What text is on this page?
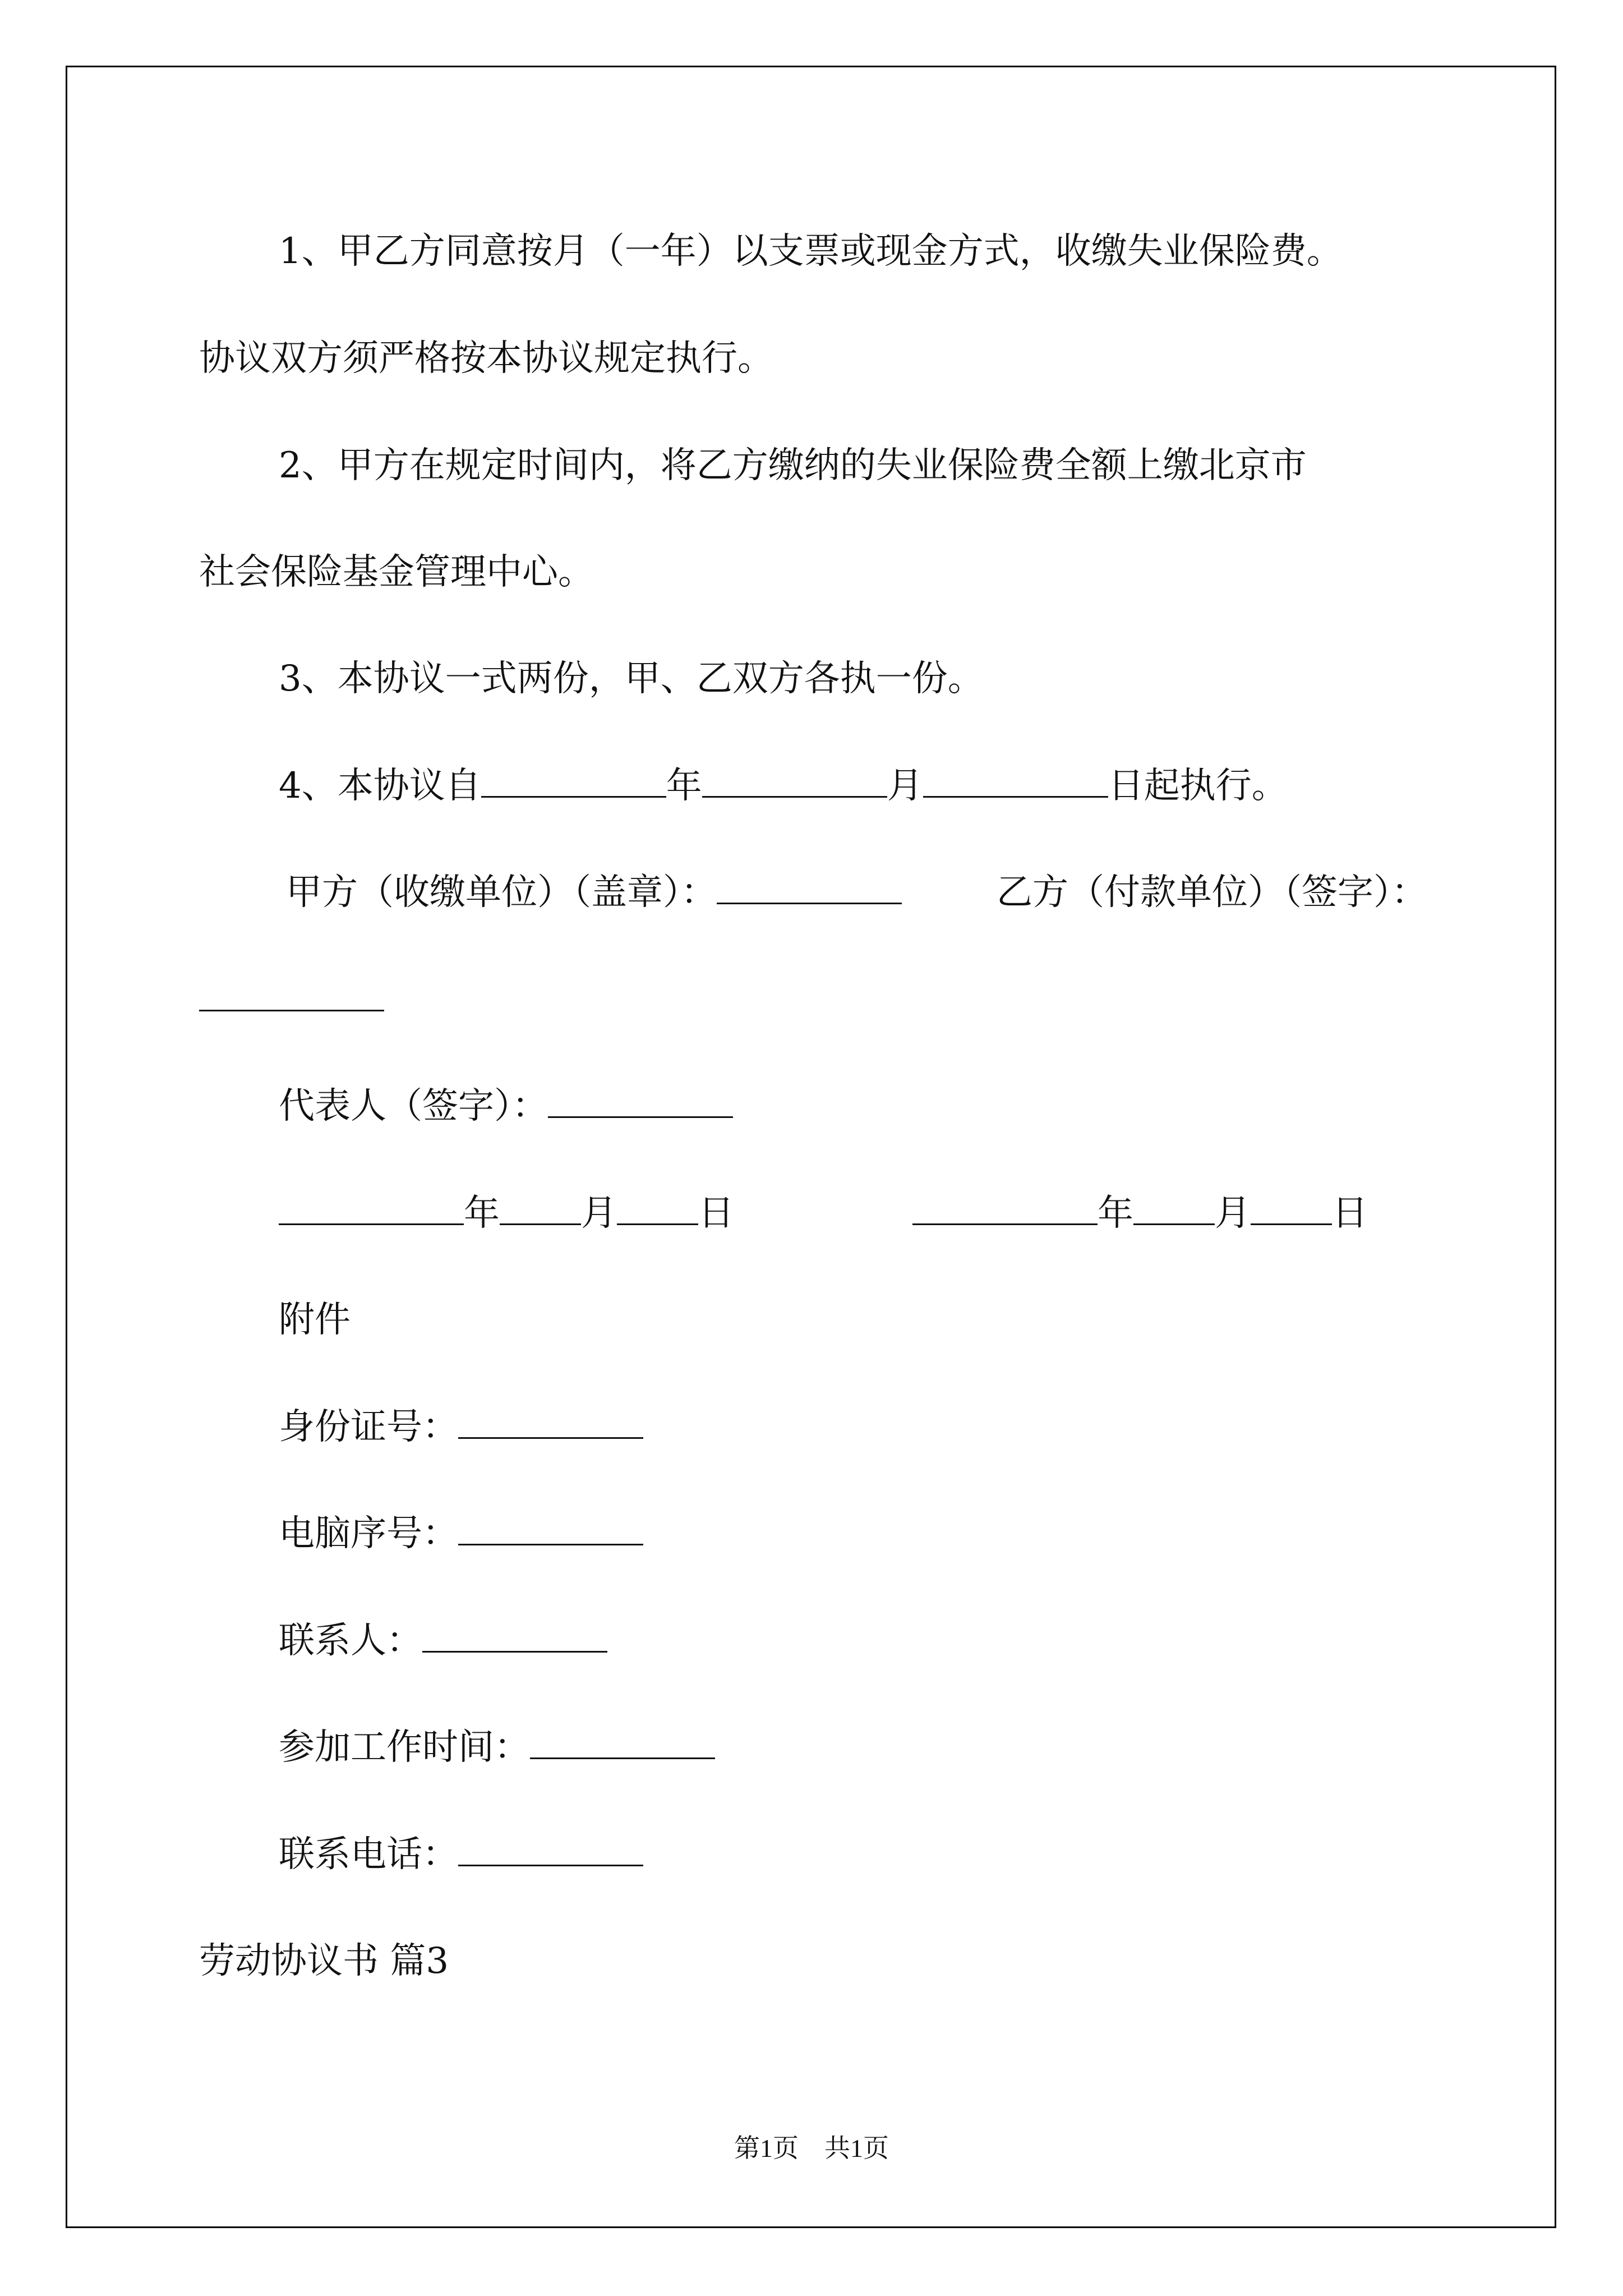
1、甲乙方同意按月（一年）以支票或现金方式，收缴失业保险费。
协议双方须严格按本协议规定执行。
2、甲方在规定时间内，将乙方缴纳的失业保险费全额上缴北京市
社会保险基金管理中心。
3、本协议一式两份，甲、乙双方各执一份。
4、本协议自	年	月	日起执行。
甲方（收缴单位）（盖章）：	乙方（付款单位）（签字）：
代表人（签字）：
年 月 日	年 月 日
附件
身份证号：
电脑序号：
联系人：
参加工作时间：
联系电话：
劳动协议书 篇3
第1页　共1页
